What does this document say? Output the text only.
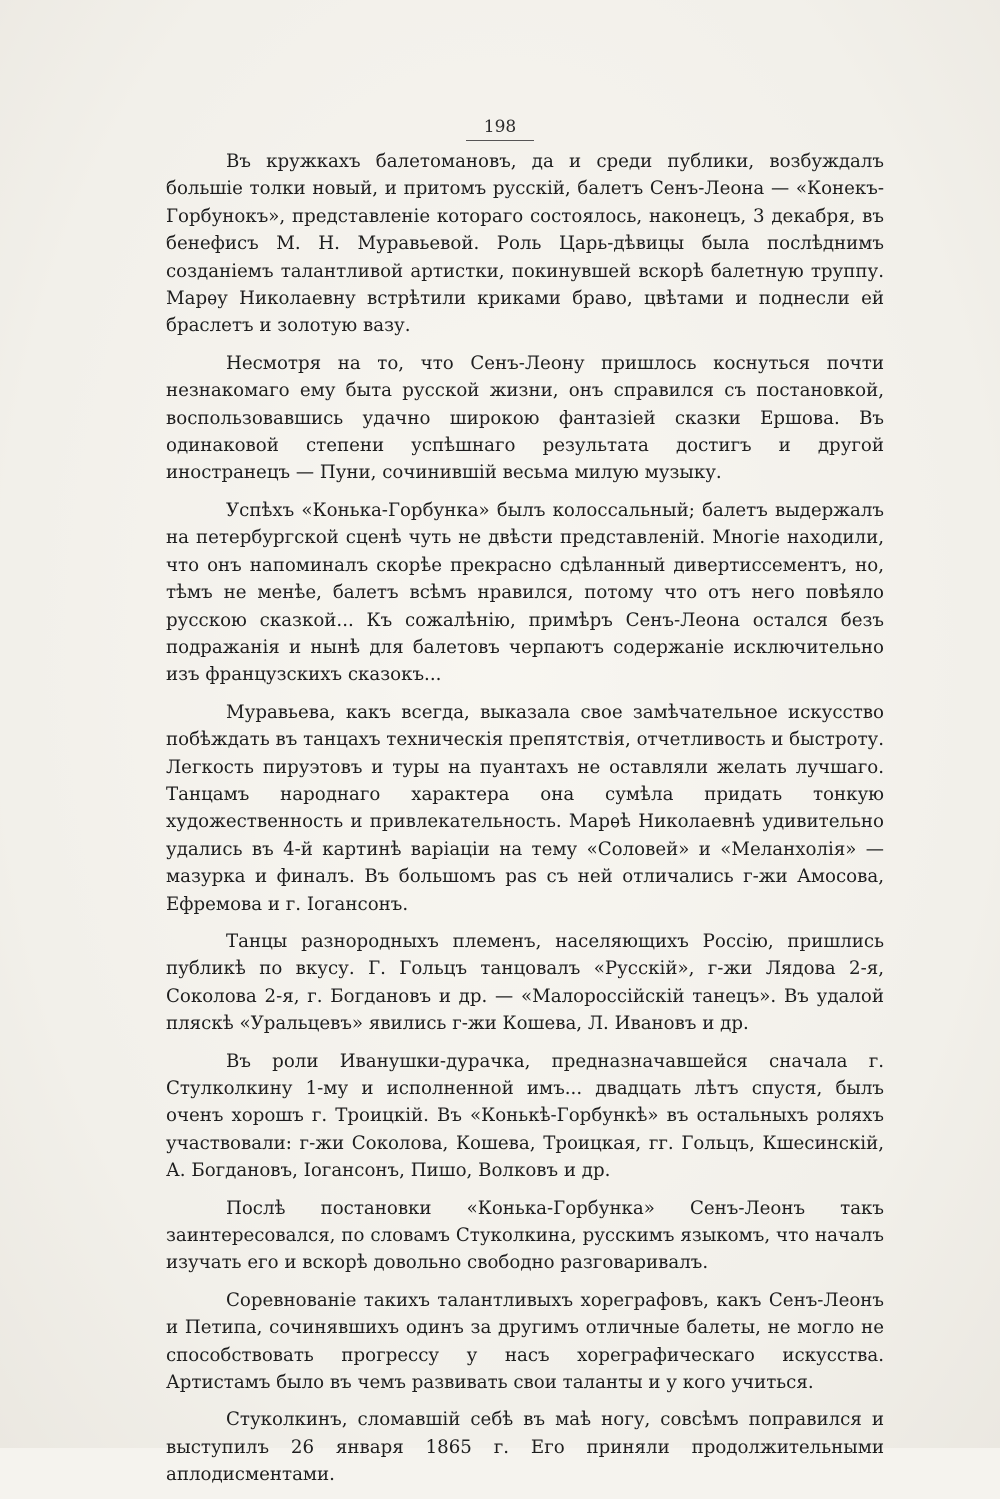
198

Въ кружкахъ балетомановъ, да и среди публики, возбуждалъ большіе толки новый, и притомъ русскій, балетъ Сенъ-Леона — «Конекъ-Горбунокъ», представленіе котораго состоялось, наконецъ, 3 декабря, въ бенефисъ М. Н. Муравьевой. Роль Царь-дѣвицы была послѣднимъ созданіемъ талантливой артистки, покинувшей вскорѣ балетную труппу. Марѳу Николаевну встрѣтили криками браво, цвѣтами и поднесли ей браслетъ и золотую вазу.

Несмотря на то, что Сенъ-Леону пришлось коснуться почти незнакомаго ему быта русской жизни, онъ справился съ постановкой, воспользовавшись удачно широкою фантазіей сказки Ершова. Въ одинаковой степени успѣшнаго результата достигъ и другой иностранецъ — Пуни, сочинившій весьма милую музыку.

Успѣхъ «Конька-Горбунка» былъ колоссальный; балетъ выдержалъ на петербургской сценѣ чуть не двѣсти представленій. Многіе находили, что онъ напоминалъ скорѣе прекрасно сдѣланный дивертиссементъ, но, тѣмъ не менѣе, балетъ всѣмъ нравился, потому что отъ него повѣяло русскою сказкой... Къ сожалѣнію, примѣръ Сенъ-Леона остался безъ подражанія и нынѣ для балетовъ черпаютъ содержаніе исключительно изъ французскихъ сказокъ...

Муравьева, какъ всегда, выказала свое замѣчательное искусство побѣждать въ танцахъ техническія препятствія, отчетливость и быстроту. Легкость пируэтовъ и туры на пуантахъ не оставляли желать лучшаго. Танцамъ народнаго характера она сумѣла придать тонкую художественность и привлекательность. Марѳѣ Николаевнѣ удивительно удались въ 4-й картинѣ варіаціи на тему «Соловей» и «Меланхолія» — мазурка и финалъ. Въ большомъ pas съ ней отличались г-жи Амосова, Ефремова и г. Іогансонъ.

Танцы разнородныхъ племенъ, населяющихъ Россію, пришлись публикѣ по вкусу. Г. Гольцъ танцовалъ «Русскій», г-жи Лядова 2-я, Соколова 2-я, г. Богдановъ и др. — «Малороссійскій танецъ». Въ удалой пляскѣ «Уральцевъ» явились г-жи Кошева, Л. Ивановъ и др.

Въ роли Иванушки-дурачка, предназначавшейся сначала г. Стулколкину 1-му и исполненной имъ... двадцать лѣтъ спустя, былъ оченъ хорошъ г. Троицкій. Въ «Конькѣ-Горбункѣ» въ остальныхъ роляхъ участвовали: г-жи Соколова, Кошева, Троицкая, гг. Гольцъ, Кшесинскій, А. Богдановъ, Іогансонъ, Пишо, Волковъ и др.

Послѣ постановки «Конька-Горбунка» Сенъ-Леонъ такъ заинтересовался, по словамъ Стуколкина, русскимъ языкомъ, что началъ изучать его и вскорѣ довольно свободно разговаривалъ.

Соревнованіе такихъ талантливыхъ хореграфовъ, какъ Сенъ-Леонъ и Петипа, сочинявшихъ одинъ за другимъ отличные балеты, не могло не способствовать прогрессу у насъ хореграфическаго искусства. Артистамъ было въ чемъ развивать свои таланты и у кого учиться.

Стуколкинъ, сломавшій себѣ въ маѣ ногу, совсѣмъ поправился и выступилъ 26 января 1865 г. Его приняли продолжительными аплодисментами.
